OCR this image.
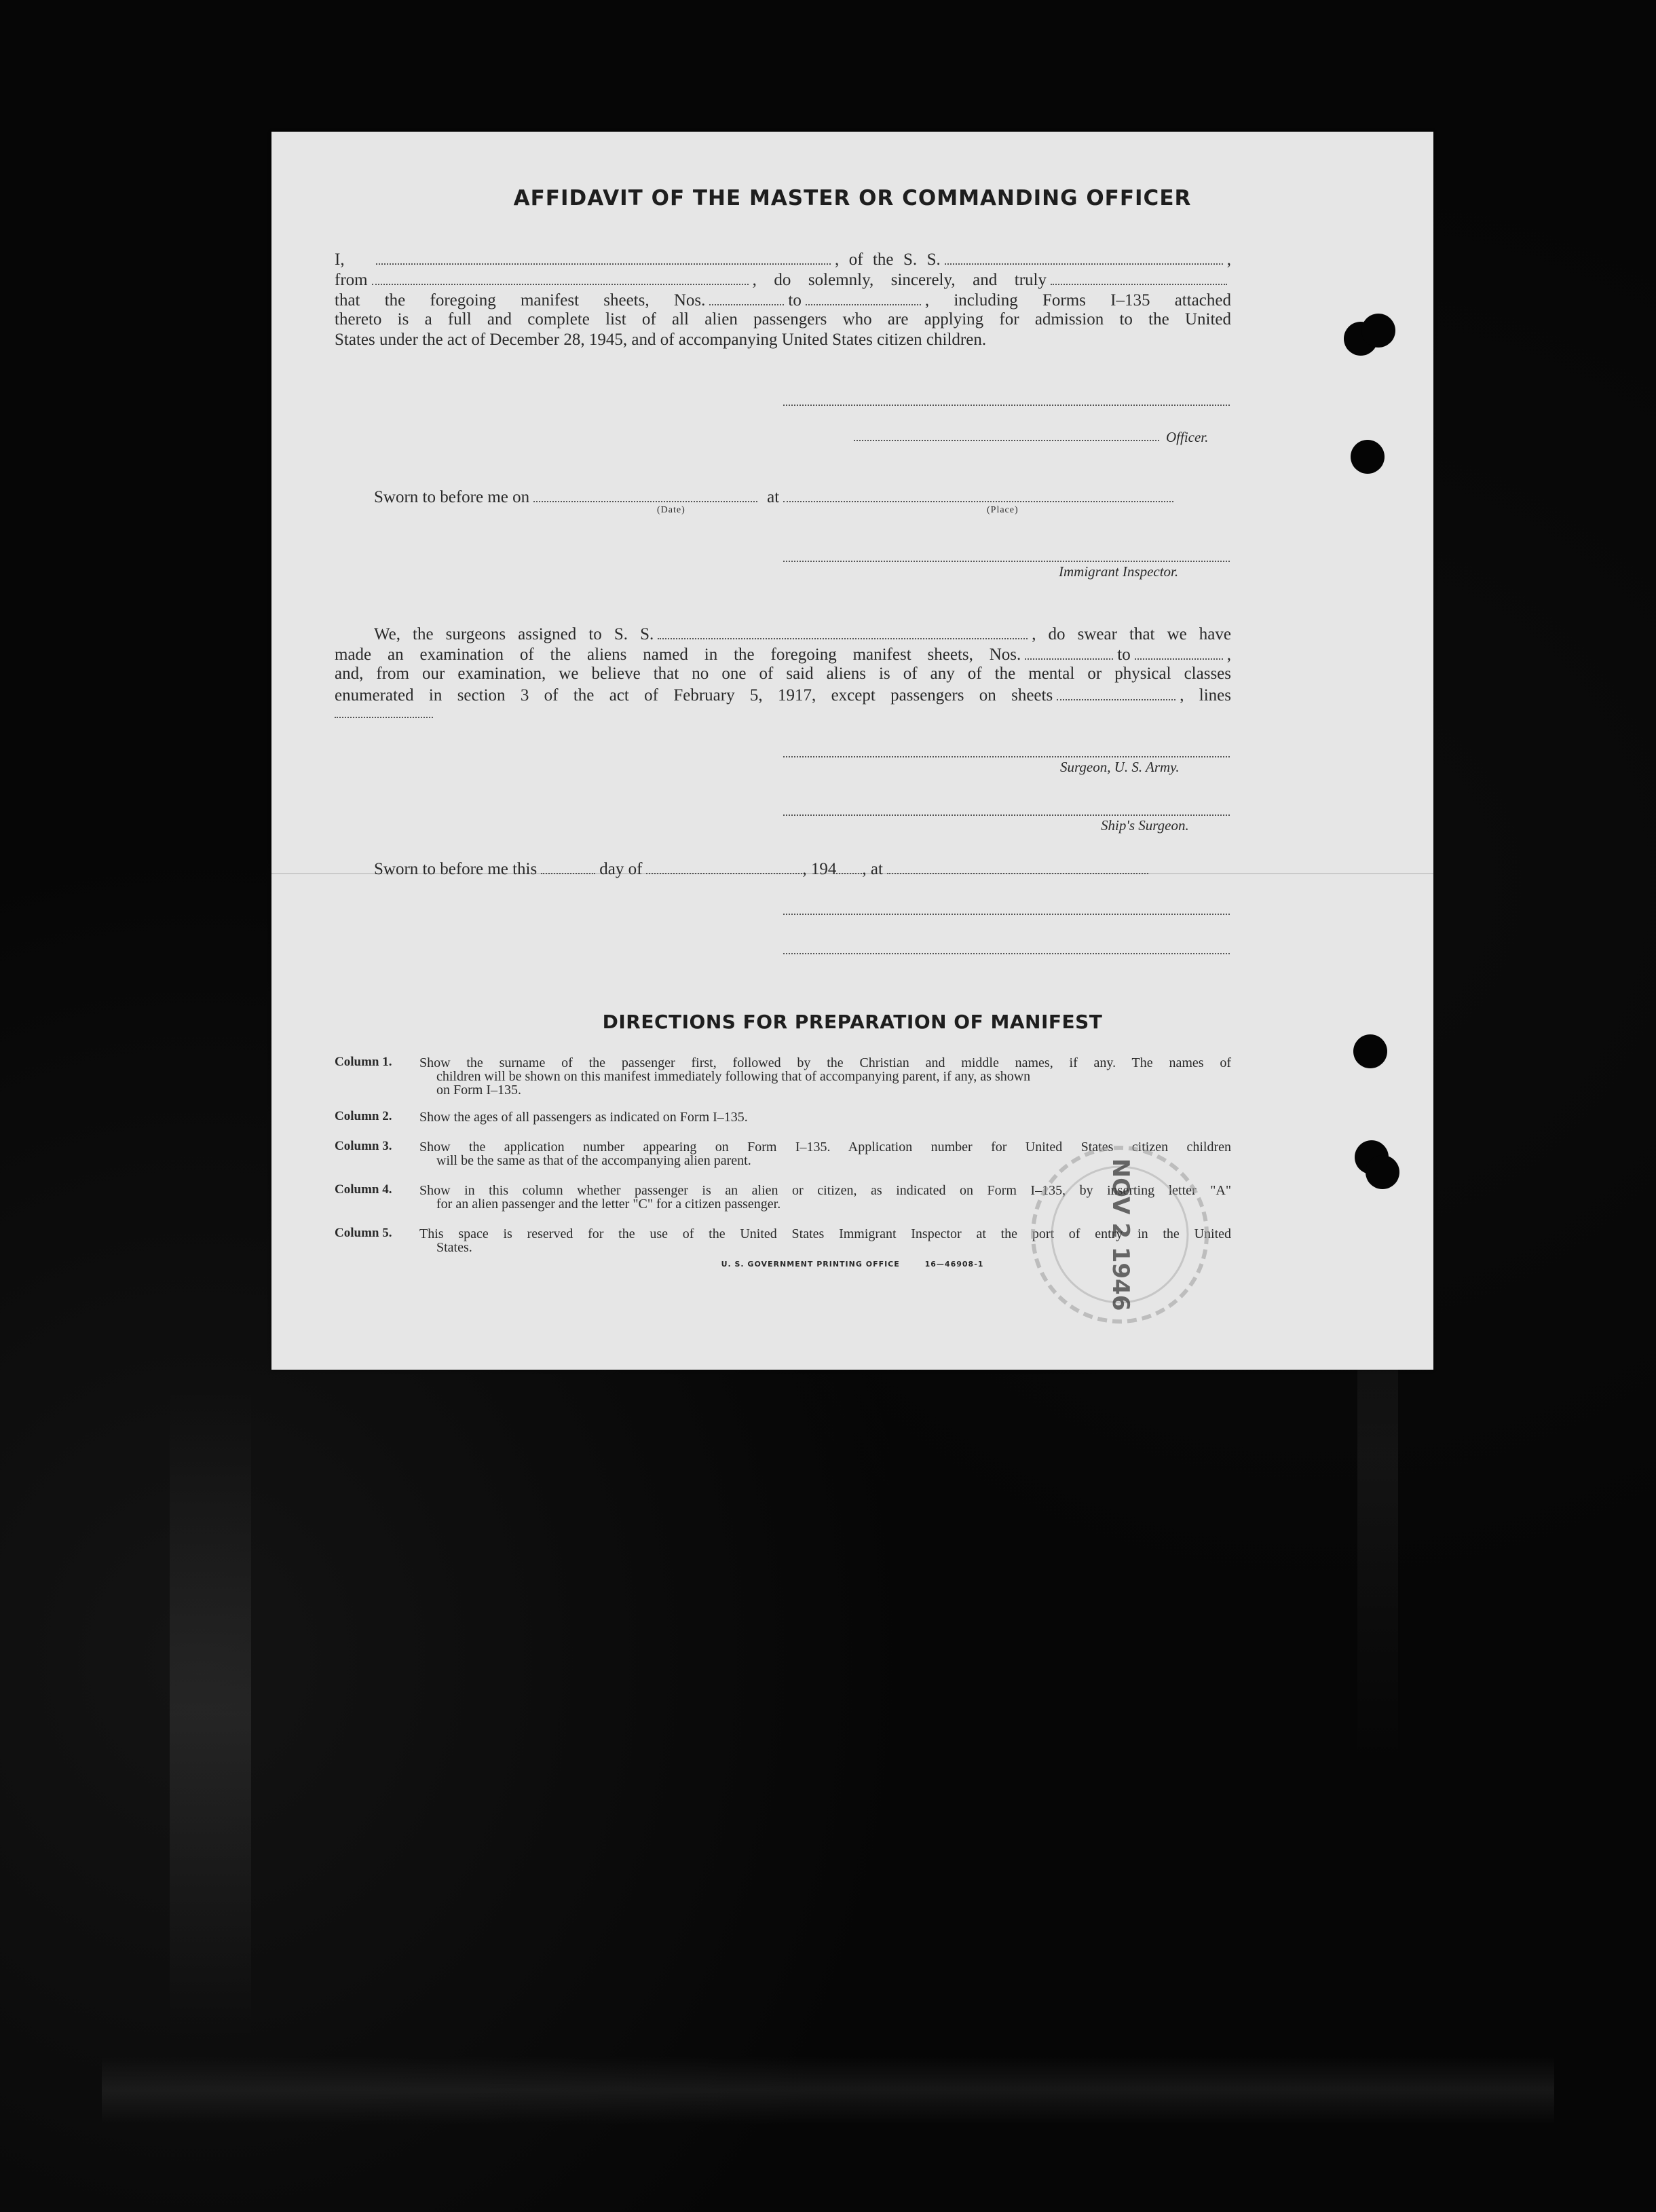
AFFIDAVIT OF THE MASTER OR COMMANDING OFFICER
I,	, of the S. S.	,
from	, do solemnly, sincerely, and truly
that the foregoing manifest sheets, Nos.	to	, including Forms I–135 attached
thereto is a full and complete list of all alien passengers who are applying for admission to the United
States under the act of December 28, 1945, and of accompanying United States citizen children.
Officer.
Sworn to before me on	at
(Date)	(Place)
Immigrant Inspector.
We, the surgeons assigned to S. S.	, do swear that we have
made an examination of the aliens named in the foregoing manifest sheets, Nos.	to	,
and, from our examination, we believe that no one of said aliens is of any of the mental or physical classes
enumerated in section 3 of the act of February 5, 1917, except passengers on sheets	, lines
Surgeon, U. S. Army.
Ship's Surgeon.
Sworn to before me this	day of	, 194 , at
DIRECTIONS FOR PREPARATION OF MANIFEST
Column 1. Show the surname of the passenger first, followed by the Christian and middle names, if any. The names of
children will be shown on this manifest immediately following that of accompanying parent, if any, as shown
on Form I–135.
Column 2. Show the ages of all passengers as indicated on Form I–135.
Column 3. Show the application number appearing on Form I–135. Application number for United States citizen children
will be the same as that of the accompanying alien parent.
Column 4. Show in this column whether passenger is an alien or citizen, as indicated on Form I–135, by inserting letter "A"
for an alien passenger and the letter "C" for a citizen passenger.
Column 5. This space is reserved for the use of the United States Immigrant Inspector at the port of entry in the United
States.
U. S. GOVERNMENT PRINTING OFFICE	16—46908-1	NOV 2 1946
